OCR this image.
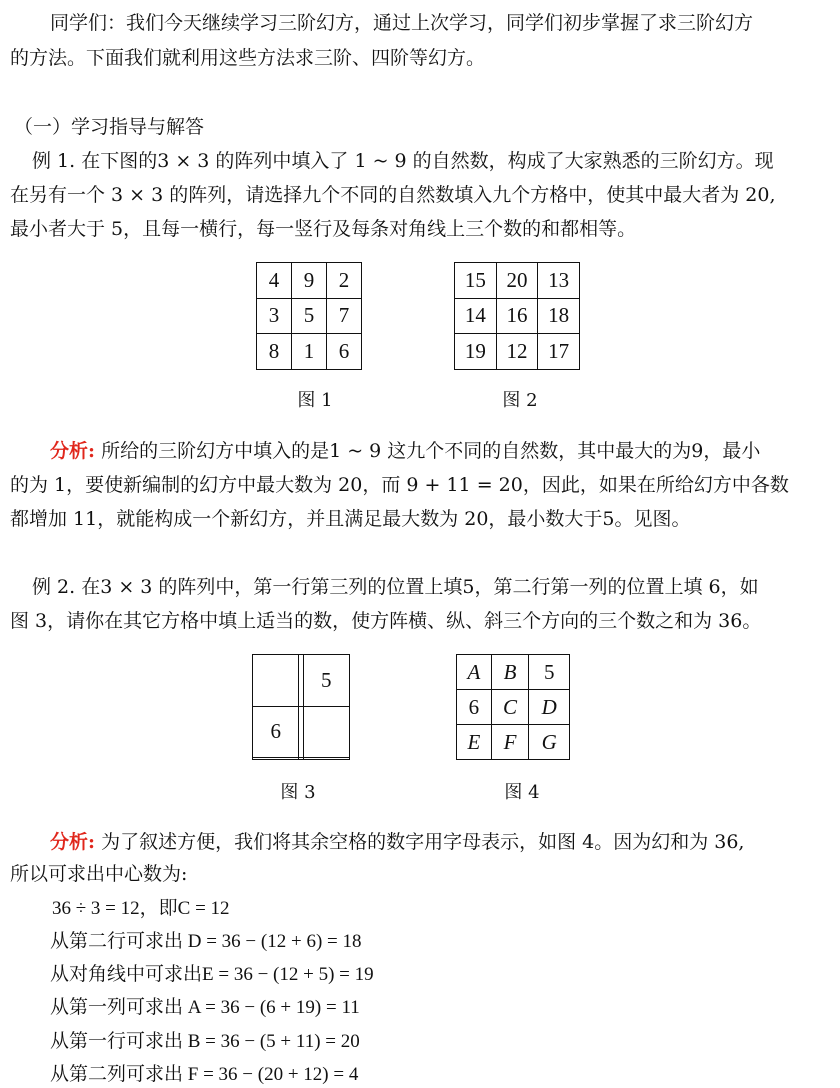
同学们：我们今天继续学习三阶幻方，通过上次学习，同学们初步掌握了求三阶幻方
的方法。下面我们就利用这些方法求三阶、四阶等幻方。
（一）学习指导与解答
例 1. 在下图的3 × 3 的阵列中填入了 1 ~ 9 的自然数，构成了大家熟悉的三阶幻方。现
在另有一个 3 × 3 的阵列，请选择九个不同的自然数填入九个方格中，使其中最大者为 20,
最小者大于 5，且每一横行，每一竖行及每条对角线上三个数的和都相等。
4	9	2
3	5	7
8	1	6
图 1
15	20	13
14	16	18
19	12	17
图 2
分析: 所给的三阶幻方中填入的是1 ~ 9 这九个不同的自然数，其中最大的为9，最小
的为 1，要使新编制的幻方中最大数为 20，而 9 + 11 = 20，因此，如果在所给幻方中各数
都增加 11，就能构成一个新幻方，并且满足最大数为 20，最小数大于5。见图。
例 2. 在3 × 3 的阵列中，第一行第三列的位置上填5，第二行第一列的位置上填 6，如
图 3，请你在其它方格中填上适当的数，使方阵横、纵、斜三个方向的三个数之和为 36。
		5
6		

图 3
A	B	5
6	C	D
E	F	G
图 4
分析: 为了叙述方便，我们将其余空格的数字用字母表示，如图 4。因为幻和为 36,
所以可求出中心数为:
36 ÷ 3 = 12，即C = 12
从第二行可求出 D = 36 − (12 + 6) = 18
从对角线中可求出E = 36 − (12 + 5) = 19
从第一列可求出 A = 36 − (6 + 19) = 11
从第一行可求出 B = 36 − (5 + 11) = 20
从第二列可求出 F = 36 − (20 + 12) = 4
